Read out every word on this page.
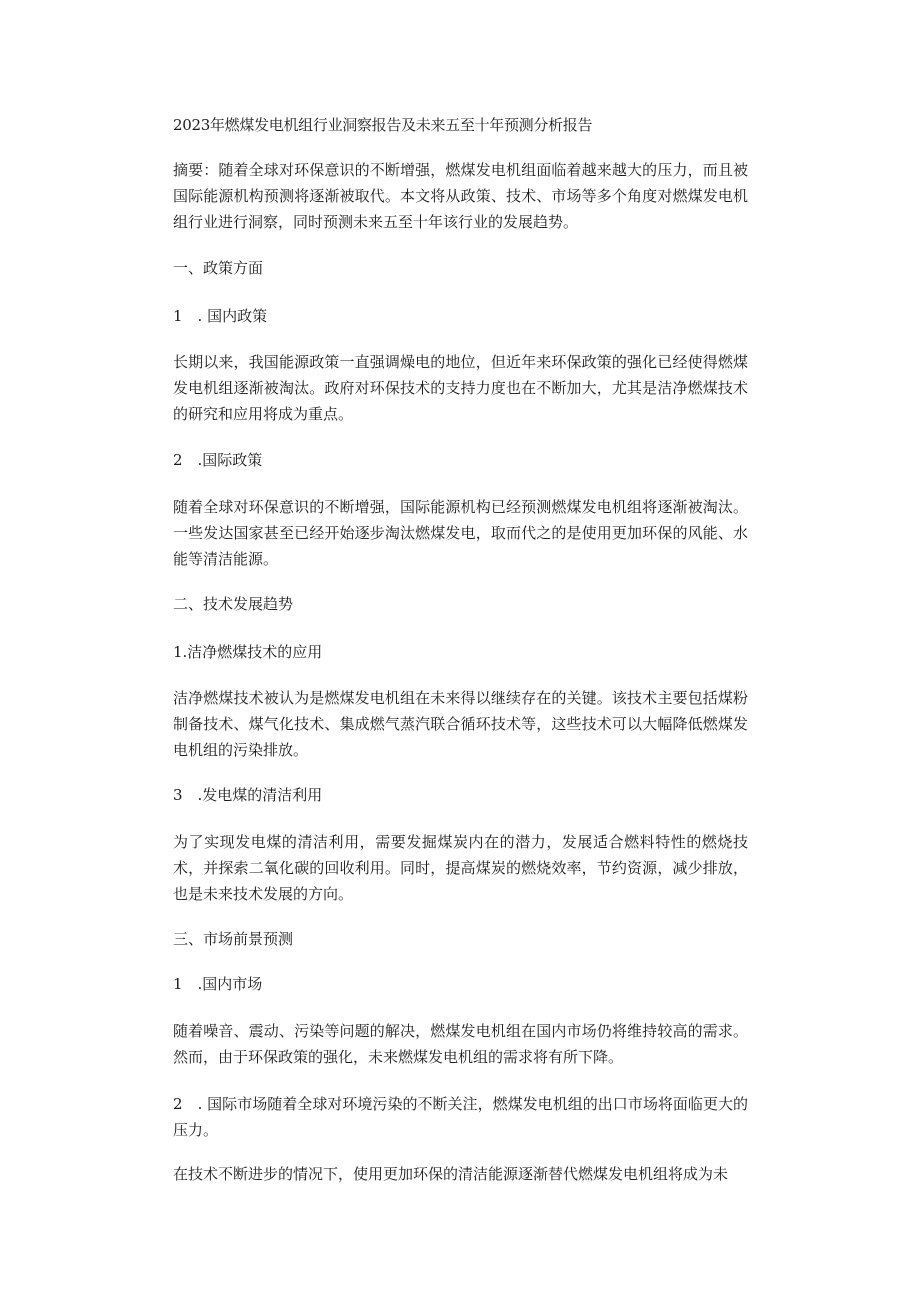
2023年燃煤发电机组行业洞察报告及未来五至十年预测分析报告
摘要：随着全球对环保意识的不断增强，燃煤发电机组面临着越来越大的压力，而且被国际能源机构预测将逐渐被取代。本文将从政策、技术、市场等多个角度对燃煤发电机组行业进行洞察，同时预测未来五至十年该行业的发展趋势。
一、政策方面
1　. 国内政策
长期以来，我国能源政策一直强调燥电的地位，但近年来环保政策的强化已经使得燃煤发电机组逐渐被淘汰。政府对环保技术的支持力度也在不断加大，尤其是洁净燃煤技术的研究和应用将成为重点。
2　.国际政策
随着全球对环保意识的不断增强，国际能源机构已经预测燃煤发电机组将逐渐被淘汰。一些发达国家甚至已经开始逐步淘汰燃煤发电，取而代之的是使用更加环保的风能、水能等清洁能源。
二、技术发展趋势
1.洁净燃煤技术的应用
洁净燃煤技术被认为是燃煤发电机组在未来得以继续存在的关键。该技术主要包括煤粉制备技术、煤气化技术、集成燃气蒸汽联合循环技术等，这些技术可以大幅降低燃煤发电机组的污染排放。
3　.发电煤的清洁利用
为了实现发电煤的清洁利用，需要发掘煤炭内在的潜力，发展适合燃料特性的燃烧技术，并探索二氧化碳的回收利用。同时，提高煤炭的燃烧效率，节约资源，减少排放，也是未来技术发展的方向。
三、市场前景预测
1　.国内市场
随着噪音、震动、污染等问题的解决，燃煤发电机组在国内市场仍将维持较高的需求。然而，由于环保政策的强化，未来燃煤发电机组的需求将有所下降。
2　. 国际市场随着全球对环境污染的不断关注，燃煤发电机组的出口市场将面临更大的压力。
在技术不断进步的情况下，使用更加环保的清洁能源逐渐替代燃煤发电机组将成为未
